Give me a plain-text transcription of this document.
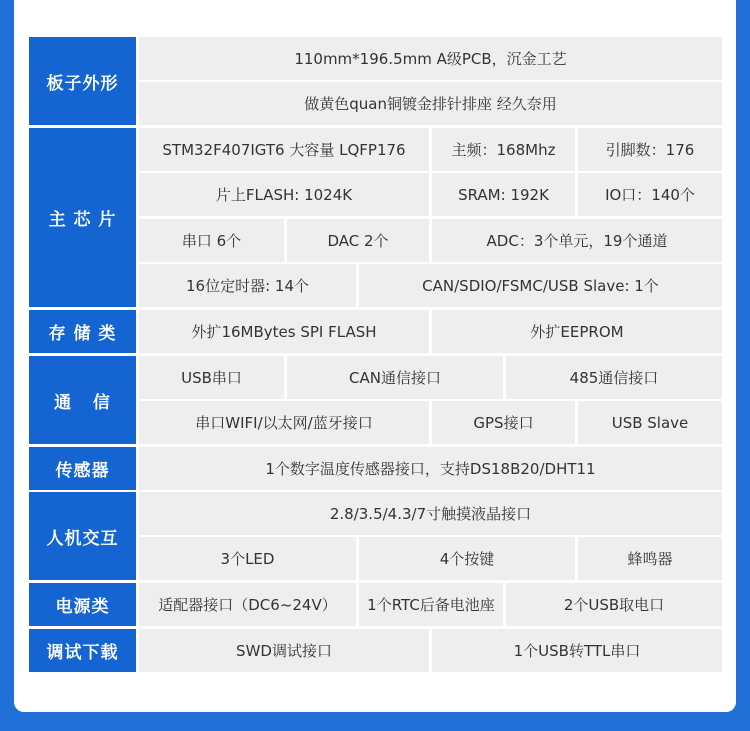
板子外形
110mm*196.5mm A级PCB，沉金工艺
做黄色quan铜镀金排针排座 经久奈用
主 芯 片
STM32F407IGT6 大容量 LQFP176	主频：168Mhz	引脚数：176
片上FLASH: 1024K	SRAM: 192K	IO口：140个
串口 6个	DAC 2个	ADC：3个单元，19个通道
16位定时器: 14个	CAN/SDIO/FSMC/USB Slave: 1个
存 储 类	外扩16MBytes SPI FLASH	外扩EEPROM
通   信
USB串口	CAN通信接口	485通信接口
串口WIFI/以太网/蓝牙接口	GPS接口	USB Slave
传感器	1个数字温度传感器接口，支持DS18B20/DHT11
人机交互
2.8/3.5/4.3/7寸触摸液晶接口
3个LED	4个按键	蜂鸣器
电源类	适配器接口（DC6~24V）	1个RTC后备电池座	2个USB取电口
调试下载	SWD调试接口	1个USB转TTL串口
